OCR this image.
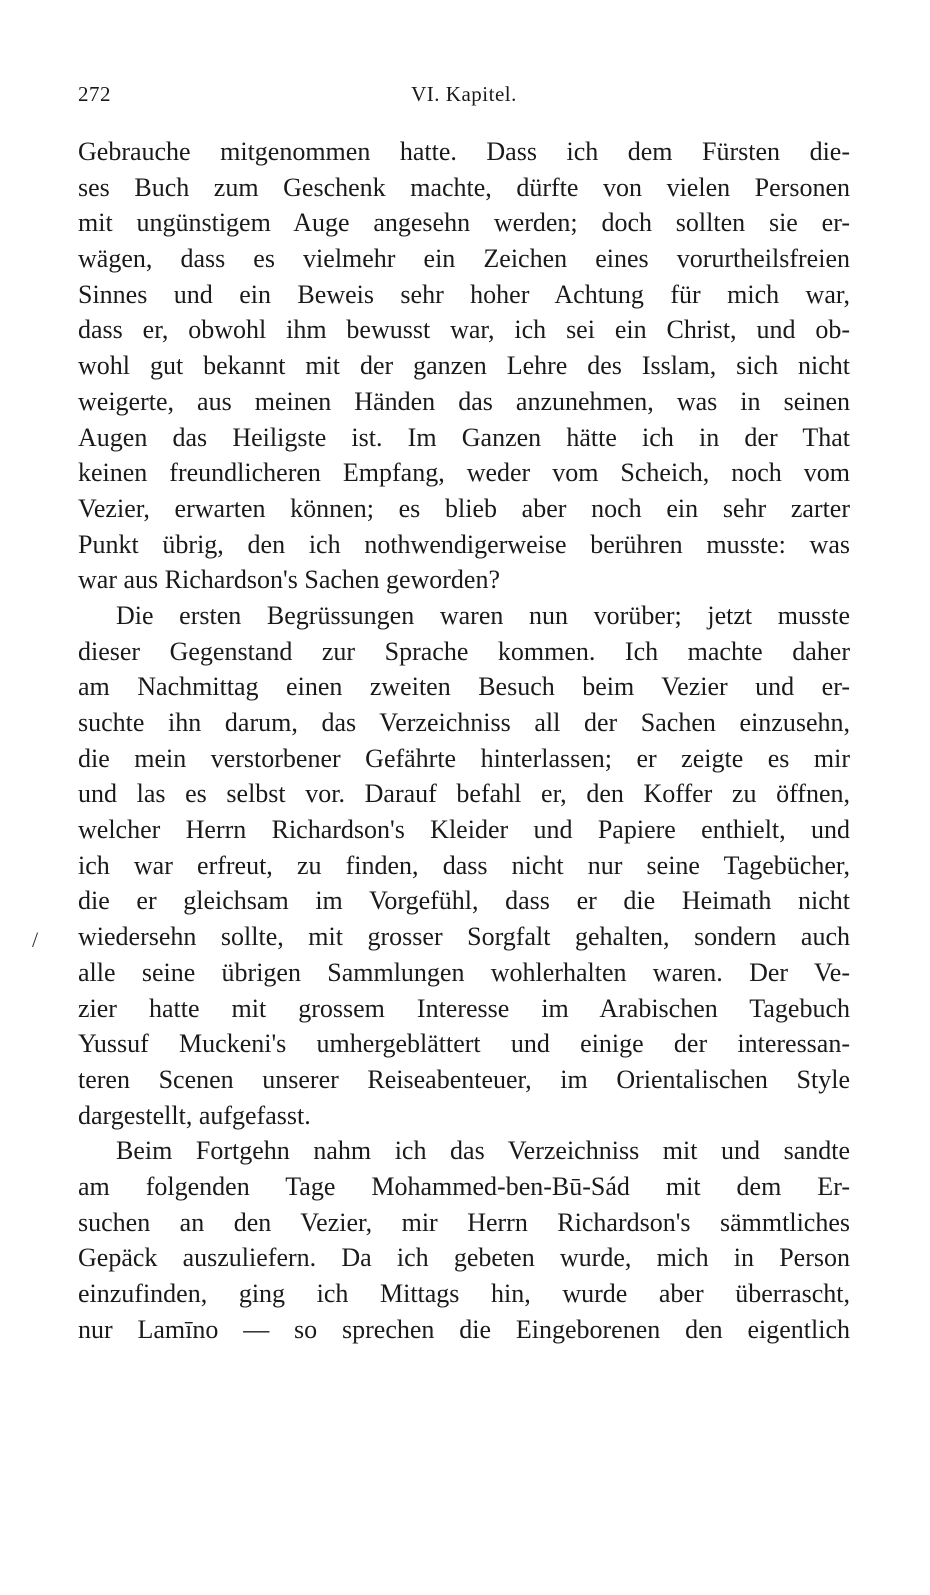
272	VI. Kapitel.
/
Gebrauche mitgenommen hatte. Dass ich dem Fürsten die-
ses Buch zum Geschenk machte, dürfte von vielen Personen
mit ungünstigem Auge angesehn werden; doch sollten sie er-
wägen, dass es vielmehr ein Zeichen eines vorurtheilsfreien
Sinnes und ein Beweis sehr hoher Achtung für mich war,
dass er, obwohl ihm bewusst war, ich sei ein Christ, und ob-
wohl gut bekannt mit der ganzen Lehre des Isslam, sich nicht
weigerte, aus meinen Händen das anzunehmen, was in seinen
Augen das Heiligste ist. Im Ganzen hätte ich in der That
keinen freundlicheren Empfang, weder vom Scheich, noch vom
Vezier, erwarten können; es blieb aber noch ein sehr zarter
Punkt übrig, den ich nothwendigerweise berühren musste: was
war aus Richardson's Sachen geworden?
Die ersten Begrüssungen waren nun vorüber; jetzt musste
dieser Gegenstand zur Sprache kommen. Ich machte daher
am Nachmittag einen zweiten Besuch beim Vezier und er-
suchte ihn darum, das Verzeichniss all der Sachen einzusehn,
die mein verstorbener Gefährte hinterlassen; er zeigte es mir
und las es selbst vor. Darauf befahl er, den Koffer zu öffnen,
welcher Herrn Richardson's Kleider und Papiere enthielt, und
ich war erfreut, zu finden, dass nicht nur seine Tagebücher,
die er gleichsam im Vorgefühl, dass er die Heimath nicht
wiedersehn sollte, mit grosser Sorgfalt gehalten, sondern auch
alle seine übrigen Sammlungen wohlerhalten waren. Der Ve-
zier hatte mit grossem Interesse im Arabischen Tagebuch
Yussuf Muckeni's umhergeblättert und einige der interessan-
teren Scenen unserer Reiseabenteuer, im Orientalischen Style
dargestellt, aufgefasst.
Beim Fortgehn nahm ich das Verzeichniss mit und sandte
am folgenden Tage Mohammed-ben-Bū-Sád mit dem Er-
suchen an den Vezier, mir Herrn Richardson's sämmtliches
Gepäck auszuliefern. Da ich gebeten wurde, mich in Person
einzufinden, ging ich Mittags hin, wurde aber überrascht,
nur Lamīno — so sprechen die Eingeborenen den eigentlich
